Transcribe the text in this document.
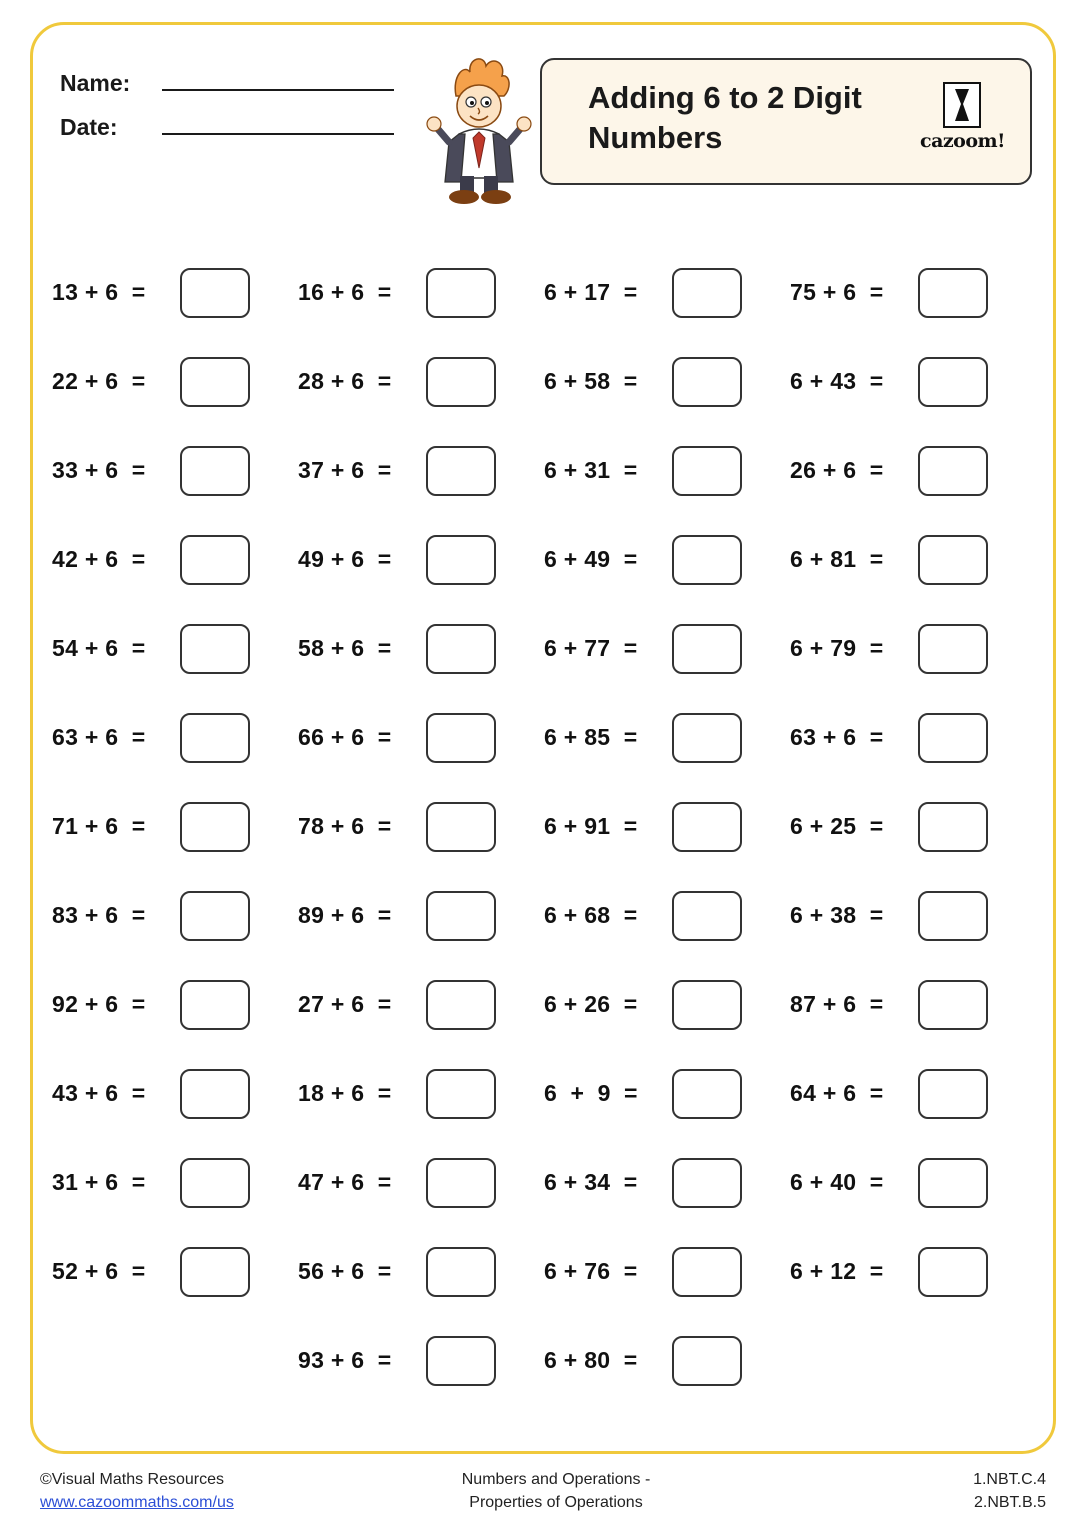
Name:
Date:
Adding 6 to 2 Digit Numbers	cazoom!
13 + 6  =	16 + 6  =	6 + 17  =	75 + 6  =
22 + 6  =	28 + 6  =	6 + 58  =	6 + 43  =
33 + 6  =	37 + 6  =	6 + 31  =	26 + 6  =
42 + 6  =	49 + 6  =	6 + 49  =	6 + 81  =
54 + 6  =	58 + 6  =	6 + 77  =	6 + 79  =
63 + 6  =	66 + 6  =	6 + 85  =	63 + 6  =
71 + 6  =	78 + 6  =	6 + 91  =	6 + 25  =
83 + 6  =	89 + 6  =	6 + 68  =	6 + 38  =
92 + 6  =	27 + 6  =	6 + 26  =	87 + 6  =
43 + 6  =	18 + 6  =	6  +  9  =	64 + 6  =
31 + 6  =	47 + 6  =	6 + 34  =	6 + 40  =
52 + 6  =	56 + 6  =	6 + 76  =	6 + 12  =
93 + 6  =	6 + 80  =
©Visual Maths Resources
www.cazoommaths.com/us
Numbers and Operations -
Properties of Operations
1.NBT.C.4
2.NBT.B.5
